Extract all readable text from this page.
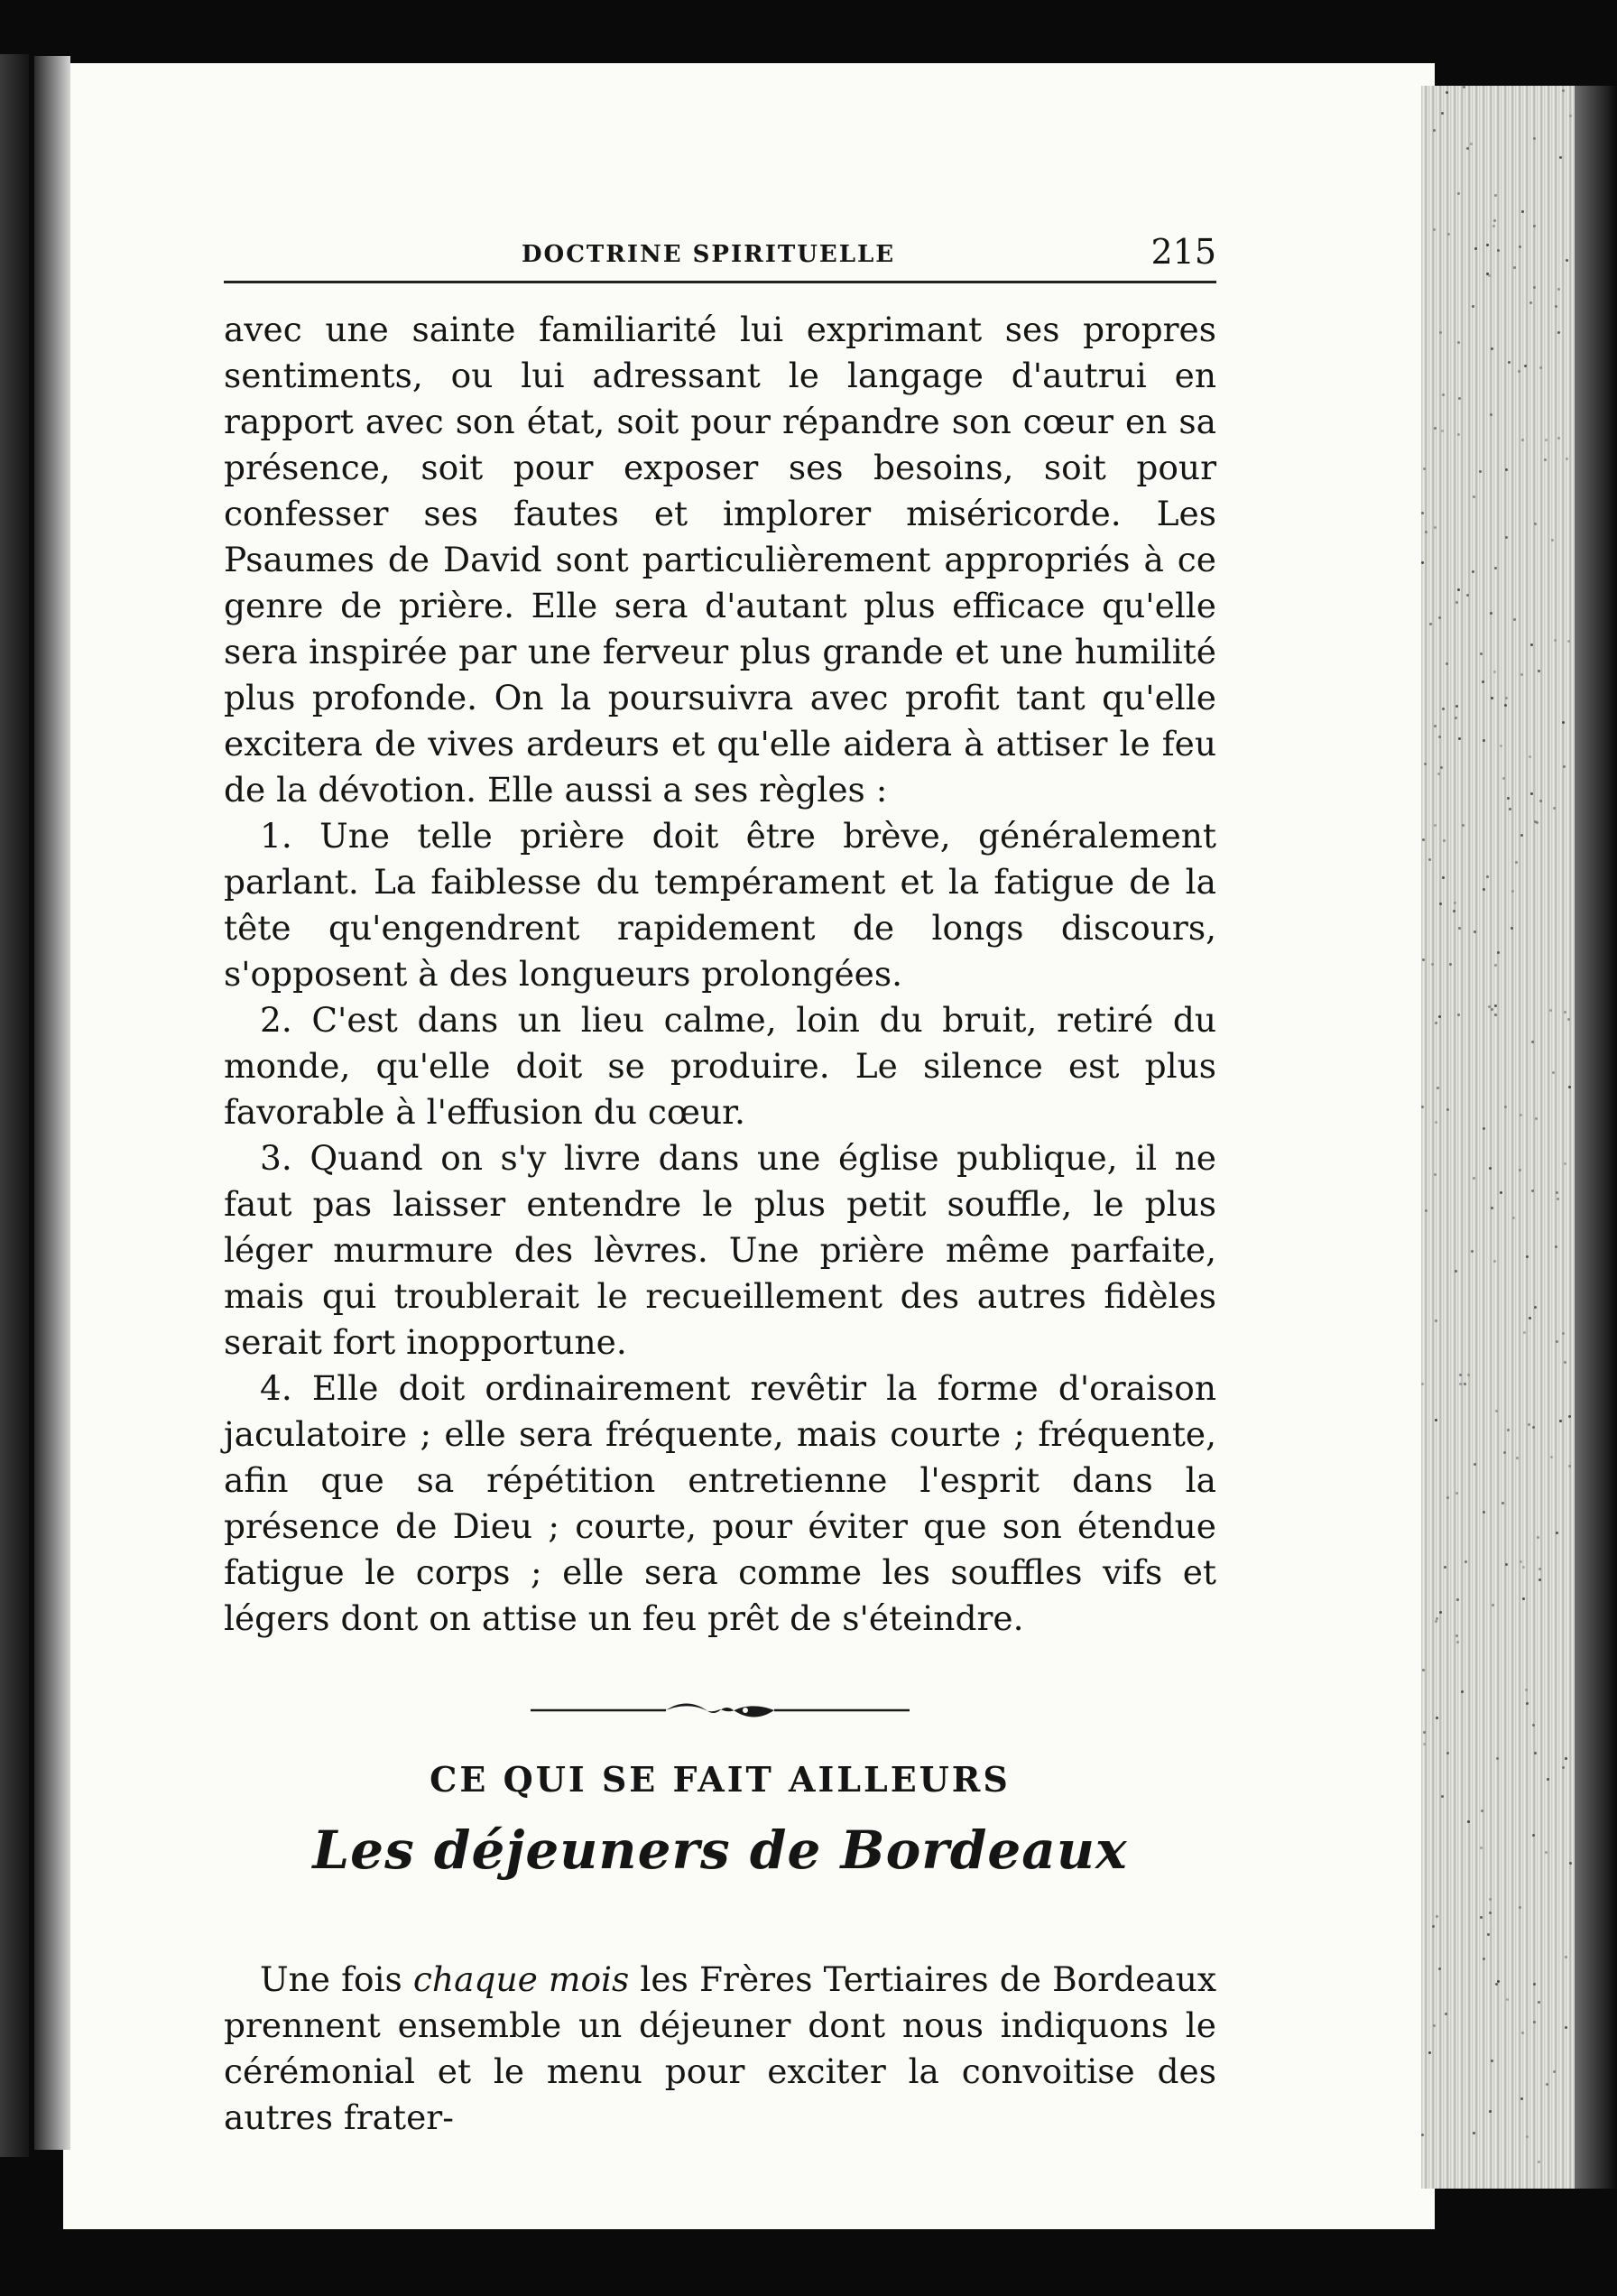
DOCTRINE SPIRITUELLE	215

avec une sainte familiarité lui exprimant ses propres sentiments, ou lui adressant le langage d'autrui en rapport avec son état, soit pour répandre son cœur en sa présence, soit pour exposer ses besoins, soit pour confesser ses fautes et implorer miséricorde. Les Psaumes de David sont particulièrement appropriés à ce genre de prière. Elle sera d'autant plus efficace qu'elle sera inspirée par une ferveur plus grande et une humilité plus profonde. On la poursuivra avec profit tant qu'elle excitera de vives ardeurs et qu'elle aidera à attiser le feu de la dévotion. Elle aussi a ses règles :

1. Une telle prière doit être brève, généralement parlant. La faiblesse du tempérament et la fatigue de la tête qu'engendrent rapidement de longs discours, s'opposent à des longueurs prolongées.

2. C'est dans un lieu calme, loin du bruit, retiré du monde, qu'elle doit se produire. Le silence est plus favorable à l'effusion du cœur.

3. Quand on s'y livre dans une église publique, il ne faut pas laisser entendre le plus petit souffle, le plus léger murmure des lèvres. Une prière même parfaite, mais qui troublerait le recueillement des autres fidèles serait fort inopportune.

4. Elle doit ordinairement revêtir la forme d'oraison jaculatoire ; elle sera fréquente, mais courte ; fréquente, afin que sa répétition entretienne l'esprit dans la présence de Dieu ; courte, pour éviter que son étendue fatigue le corps ; elle sera comme les souffles vifs et légers dont on attise un feu prêt de s'éteindre.

CE QUI SE FAIT AILLEURS
Les déjeuners de Bordeaux

Une fois chaque mois les Frères Tertiaires de Bordeaux prennent ensemble un déjeuner dont nous indiquons le cérémonial et le menu pour exciter la convoitise des autres frater-
